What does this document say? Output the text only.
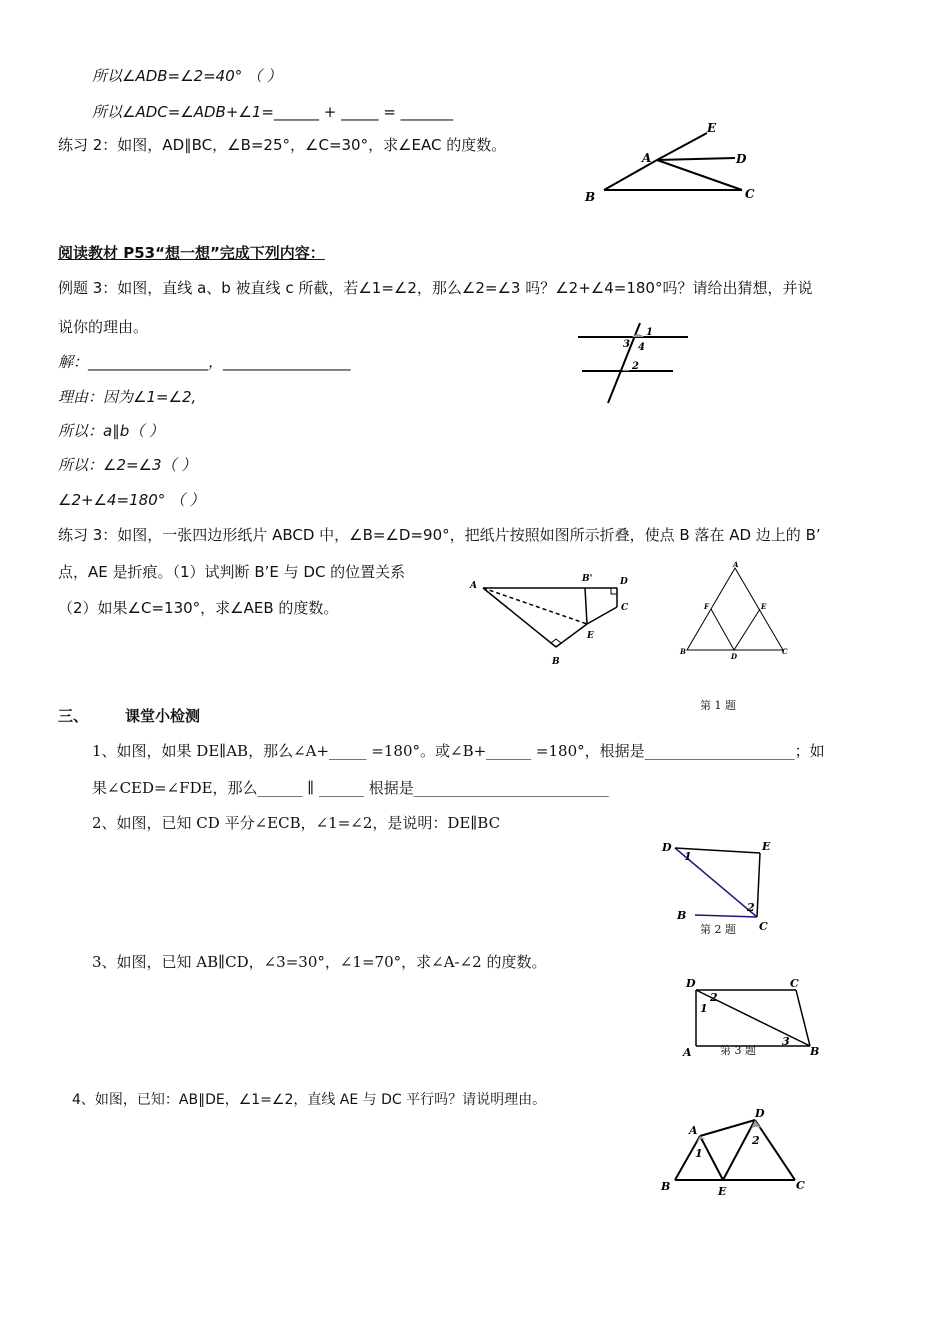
所以∠ADB=∠2=40° （ ）
所以∠ADC=∠ADB+∠1=______ + _____ = _______
练习 2：如图，AD∥BC，∠B=25°，∠C=30°，求∠EAC 的度数。
E
A	D
B	C
阅读教材 P53“想一想”完成下列内容：
例题 3：如图，直线 a、b 被直线 c 所截，若∠1=∠2，那么∠2=∠3 吗？∠2+∠4=180°吗？请给出猜想，并说
说你的理由。
解：________________，_________________
理由：因为∠1=∠2,
所以：a∥b（ ）
所以：∠2=∠3（ ）
∠2+∠4=180° （ ）
1
2
3 4
练习 3：如图，一张四边形纸片 ABCD 中，∠B=∠D=90°，把纸片按照如图所示折叠，使点 B 落在 AD 边上的 B’
点，AE 是折痕。（1）试判断 B’E 与 DC 的位置关系
（2）如果∠C=130°，求∠AEB 的度数。
A
B'	D
C
E
B
A
F	E
B
D
C
第 1 题
三、 课堂小检测
1、如图，如果 DE∥AB，那么∠A+_____ =180°。或∠B+______ =180°，根据是____________________；如
果∠CED=∠FDE，那么______ ∥ ______ 根据是__________________________
2、如图，已知 CD 平分∠ECB，∠1=∠2，是说明：DE∥BC
D
1
E
2
B
C
第 2 题
3、如图，已知 AB∥CD，∠3=30°，∠1=70°，求∠A-∠2 的度数。
D	C
2
1
3
A	B
第 3 题
4、如图，已知：AB∥DE，∠1=∠2，直线 AE 与 DC 平行吗？请说明理由。
A
D
1
2
B	E	C
